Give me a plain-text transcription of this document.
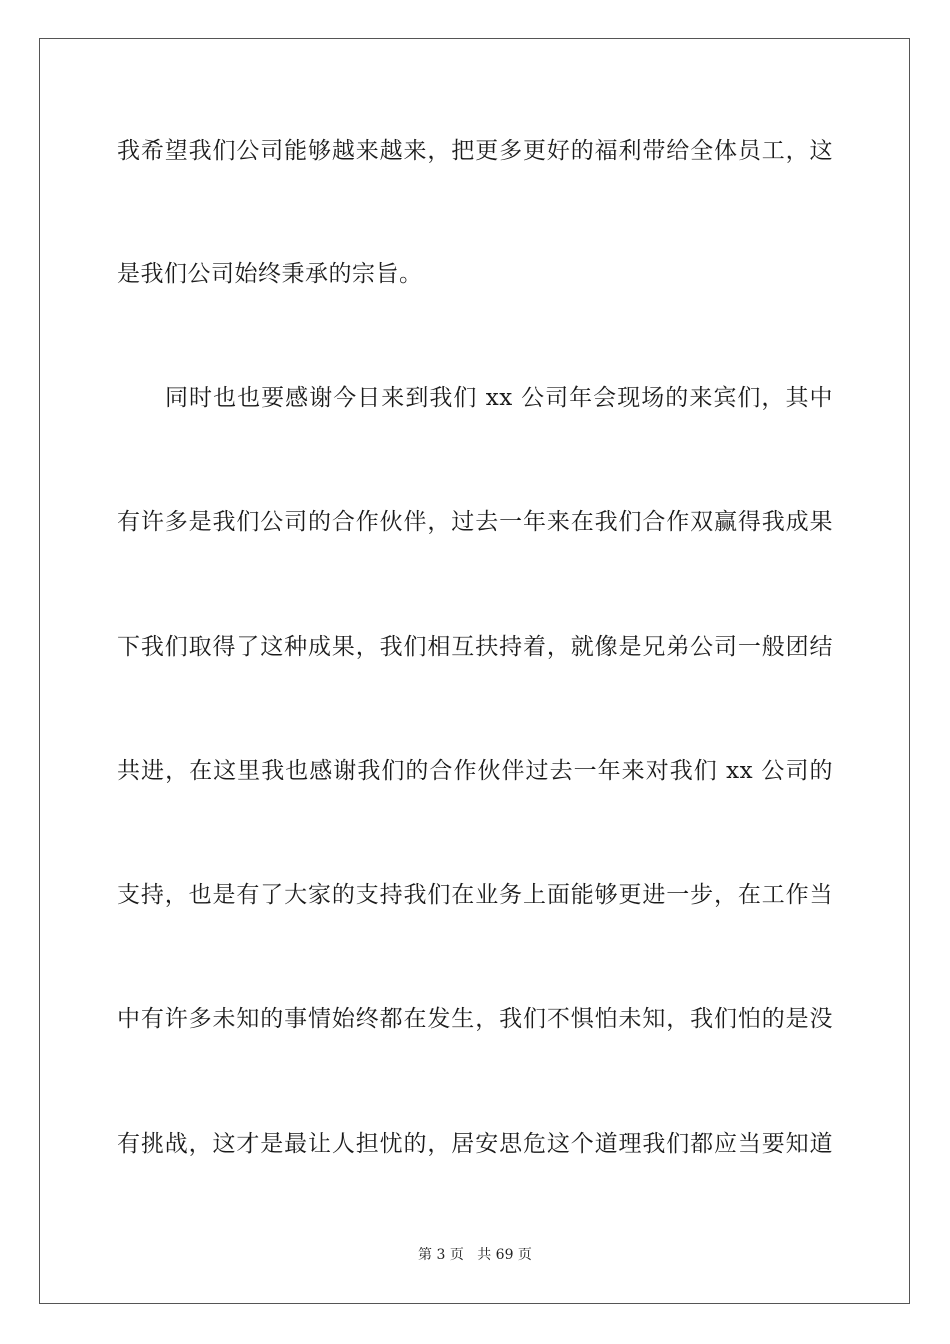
我希望我们公司能够越来越来，把更多更好的福利带给全体员工，这
是我们公司始终秉承的宗旨。
同时也也要感谢今日来到我们 xx 公司年会现场的来宾们，其中
有许多是我们公司的合作伙伴，过去一年来在我们合作双赢得我成果
下我们取得了这种成果，我们相互扶持着，就像是兄弟公司一般团结
共进，在这里我也感谢我们的合作伙伴过去一年来对我们 xx 公司的
支持，也是有了大家的支持我们在业务上面能够更进一步，在工作当
中有许多未知的事情始终都在发生，我们不惧怕未知，我们怕的是没
有挑战，这才是最让人担忧的，居安思危这个道理我们都应当要知道
第 3 页 共 69 页
